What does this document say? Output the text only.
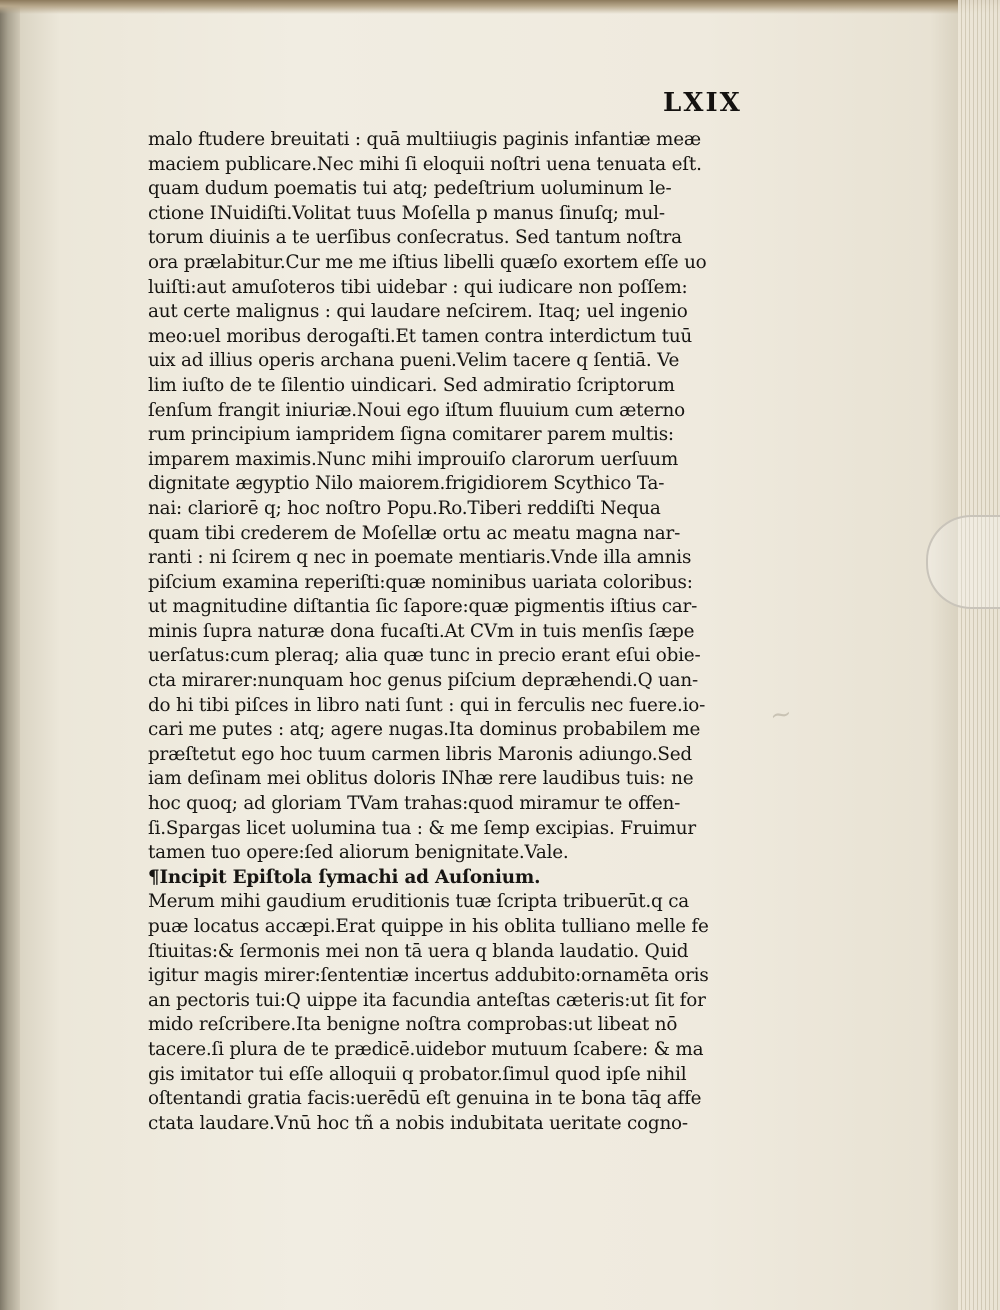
~
LXIX
malo ftudere breuitati : quā multiiugis paginis infantiæ meæ
maciem publicare.Nec mihi ſi eloquii noſtri uena tenuata eſt.
quam dudum poematis tui atq; pedeſtrium uoluminum le-
ctione INuidiſti.Volitat tuus Moſella p manus ſinuſq; mul-
torum diuinis a te uerſibus conſecratus. Sed tantum noſtra
ora prælabitur.Cur me me iſtius libelli quæſo exortem eſſe uo
luiſti:aut amuſoteros tibi uidebar : qui iudicare non poſſem:
aut certe malignus : qui laudare neſcirem. Itaq; uel ingenio
meo:uel moribus derogaſti.Et tamen contra interdictum tuū
uix ad illius operis archana pueni.Velim tacere q ſentiā. Ve
lim iuſto de te ſilentio uindicari. Sed admiratio ſcriptorum
ſenſum frangit iniuriæ.Noui ego iſtum fluuium cum æterno
rum principium iampridem ſigna comitarer parem multis:
imparem maximis.Nunc mihi improuiſo clarorum uerſuum
dignitate ægyptio Nilo maiorem.frigidiorem Scythico Ta-
nai: clariorē q; hoc noſtro Popu.Ro.Tiberi reddiſti Nequa
quam tibi crederem de Moſellæ ortu ac meatu magna nar-
ranti : ni ſcirem q nec in poemate mentiaris.Vnde illa amnis
piſcium examina reperiſti:quæ nominibus uariata coloribus:
ut magnitudine diſtantia ſic ſapore:quæ pigmentis iſtius car-
minis ſupra naturæ dona fucaſti.At CVm in tuis menſis ſæpe
uerſatus:cum pleraq; alia quæ tunc in precio erant eſui obie-
cta mirarer:nunquam hoc genus piſcium depræhendi.Q uan-
do hi tibi piſces in libro nati ſunt : qui in ferculis nec fuere.io-
cari me putes : atq; agere nugas.Ita dominus probabilem me
præſtetut ego hoc tuum carmen libris Maronis adiungo.Sed
iam deſinam mei oblitus doloris INhæ rere laudibus tuis: ne
hoc quoq; ad gloriam TVam trahas:quod miramur te offen-
ſi.Spargas licet uolumina tua : & me ſemp excipias. Fruimur
tamen tuo opere:ſed aliorum benignitate.Vale.
¶Incipit Epiſtola ſymachi ad Auſonium.
Merum mihi gaudium eruditionis tuæ ſcripta tribuerūt.q ca
puæ locatus accæpi.Erat quippe in his oblita tulliano melle fe
ſtiuitas:& ſermonis mei non tā uera q blanda laudatio. Quid
igitur magis mirer:ſententiæ incertus addubito:ornamēta oris
an pectoris tui:Q uippe ita facundia anteſtas cæteris:ut ſit for
mido reſcribere.Ita benigne noſtra comprobas:ut libeat nō
tacere.ſi plura de te prædicē.uidebor mutuum ſcabere: & ma
gis imitator tui eſſe alloquii q probator.ſimul quod ipſe nihil
oſtentandi gratia facis:uerēdū eſt genuina in te bona tāq affe
ctata laudare.Vnū hoc tñ a nobis indubitata ueritate cogno-
